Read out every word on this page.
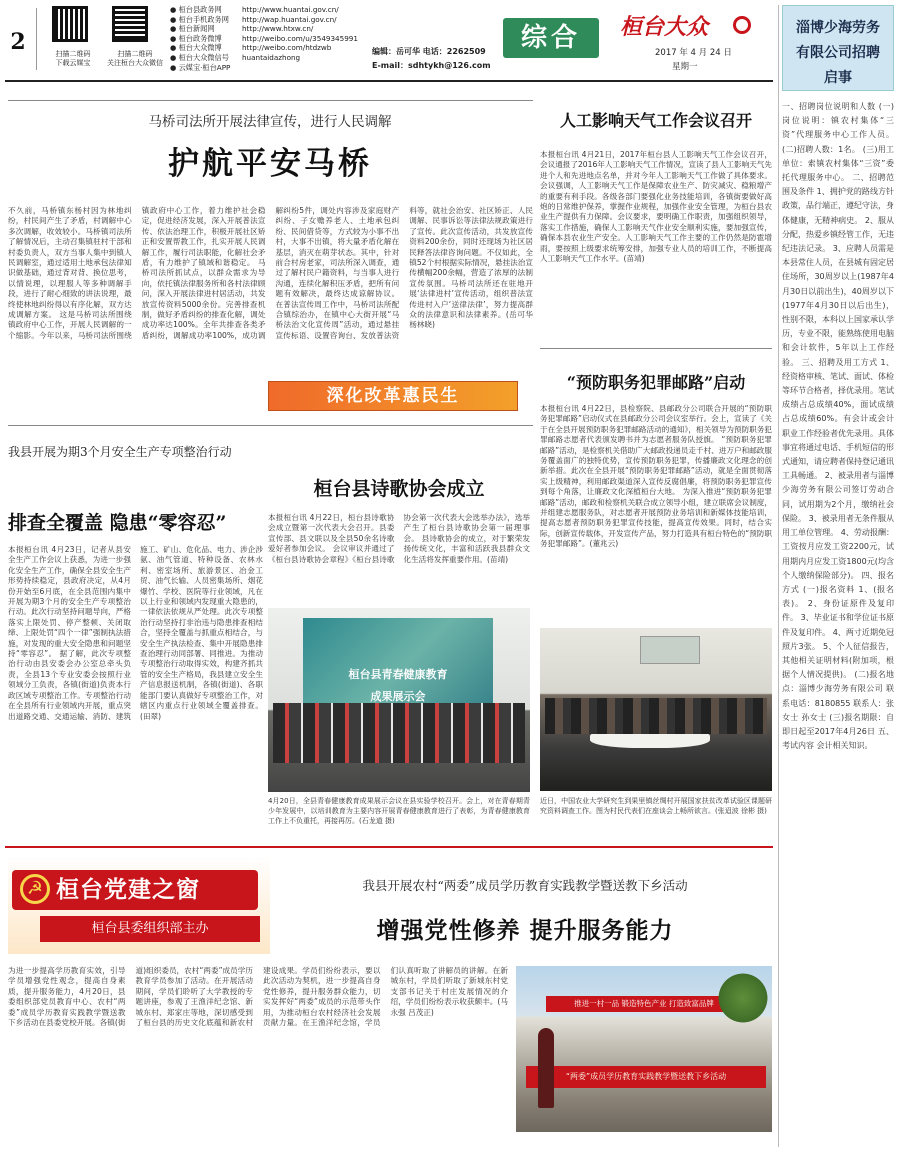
2	扫描二维码
下载云媒宝
扫描二维码
关注桓台大众微信
● 桓台县政务网	http://www.huantai.gov.cn/
● 桓台手机政务网 http://wap.huantai.gov.cn/
● 桓台新闻网	http://www.htxw.cn/
● 桓台政务微博	http://weibo.com/u/3549345991
● 桓台大众微博	http://weibo.com/htdzwb
● 桓台大众微信号 huantaidazhong
● 云媒宝·桓台APP
编辑：岳可华 电话：2262509
E-mail：sdhtykh@126.com
综合	桓台大众
2017 年 4 月 24 日
星期一
淄博少海劳务有限公司招聘启事
一、招聘岗位说明和人数 (一)岗位说明：镇农村集体“三资”代理服务中心工作人员。 (二)招聘人数：1名。 (三)用工单位：索镇农村集体“三资”委托代理服务中心。 二、招聘范围及条件 1、拥护党的路线方针政策，品行端正，遵纪守法，身体健康，无精神病史。 2、服从分配，热爱乡镇经管工作，无违纪违法记录。 3、应聘人员需是本县常住人员，在县城有固定居住场所，30周岁以上(1987年4月30日以前出生)，40周岁以下(1977年4月30日以后出生)，性别不限，本科以上国家承认学历，专业不限，能熟练使用电脑和会计软件，5年以上工作经验。 三、招聘及用工方式 1、经资格审核、笔试、面试、体检等环节合格者，择优录用。笔试成绩占总成绩40%，面试成绩占总成绩60%。有会计或会计职业工作经验者优先录用。具体事宜将通过电话、手机短信的形式通知，请应聘者保持登记通讯工具畅通。 2、被录用者与淄博少海劳务有限公司签订劳动合同，试用期为2个月，缴纳社会保险。 3、被录用者无条件服从用工单位管理。 4、劳动报酬：工资按月应发工资2200元，试用期内月应发工资1800元(均含个人缴纳保险部分)。 四、报名方式 (一)报名资料 1、(报名表)。 2、身份证原件及复印件。 3、毕业证书和学位证书原件及复印件。 4、两寸近期免冠照片3张。 5、个人征信报告，其他相关证明材料(附加项，根据个人情况提供)。 (二)报名地点：淄博少海劳务有限公司 联系电话：8180855 联系人：张女士 孙女士 (三)报名期限：自即日起至2017年4月26日 五、考试内容 会计相关知识。
马桥司法所开展法律宣传，进行人民调解
护航平安马桥
不久前，马桥镇东杨村因为林地纠纷，村民间产生了矛盾，村调解中心多次调解，收效较小。马桥镇司法所了解情况后，主动召集镇驻村干部和村委负责人，双方当事人集中到镇人民调解室，通过适用土地承包法律知识做基础，通过背对背、换位思考，以情说理，以理服人等多种调解手段，进行了耐心细致的讲法说理，最终使林地纠纷得以有序化解，双方达成调解方案。 这是马桥司法所围绕镇政府中心工作，开展人民调解的一个缩影。今年以来，马桥司法所围绕镇政府中心工作，着力维护社会稳定，促进经济发展，深入开展普法宣传、依法治理工作，积极开展社区矫正和安置帮教工作，扎实开展人民调解工作，履行司法职能，化解社会矛盾，有力维护了镇域和谐稳定。 马桥司法所抓试点，以群众需求为导向，依托镇法律服务所和各村法律顾问，深入开展法律进村居活动，共发放宣传资料5000余份。完善排查机制，做好矛盾纠纷的排查化解，调处成功率达100%。全年共排查各类矛盾纠纷，调解成功率100%，成功调解纠纷5件，调处内容涉及家庭财产纠纷、子女赡养老人、土地承包纠纷、民间借贷等，方式较为小事不出村，大事不出镇，将大量矛盾化解在基层，消灭在萌芽状态。其中，针对前合村房老家，司法所深入调查，通过了解村民户籍资料，与当事人进行沟通，连续化解积压矛盾，把所有问题有效解决，最终达成谅解协议。 在普法宣传周工作中，马桥司法所配合镇综治办，在镇中心大街开展“马桥法治文化宣传周”活动，通过悬挂宣传标语、设置咨询台、发放普法资料等，就社会治安、社区矫正、人民调解、民事诉讼等法律法规政策进行了宣传。此次宣传活动，共发放宣传资料200余份，同时还现场为社区居民释答法律咨询问题。不仅如此，全镇52个村根据实际情况，悬挂法治宣传横幅200余幅，营造了浓厚的法制宣传氛围。马桥司法所还在驻地开展‘法律进村’宣传活动，组织普法宣传进村入户‘送律法律’，努力提高群众的法律意识和法律素养。(岳可华 杨林晓)
深化改革惠民生
人工影响天气工作会议召开
本报桓台讯 4月21日，2017年桓台县人工影响天气工作会议召开，会议通报了2016年人工影响天气工作情况，宣读了县人工影响天气先进个人和先进地点名单，并对今年人工影响天气工作做了具体要求。 会议强调，人工影响天气工作是保障农业生产、防灾减灾、稳粮增产的重要有利手段。各级各部门要强化业务技能培训，各镇街要做好高炮的日常维护保养，掌握作业规程，加强作业安全管理，为桓台县农业生产提供有力保障。会议要求，要明确工作职责，加强组织领导，落实工作措施，确保人工影响天气作业安全顺利实施，要加强宣传，确保本县农业生产安全。人工影响天气工作主要的工作仍然是防雹增雨，要按照上级要求统筹安排，加强专业人员的培训工作，不断提高人工影响天气工作水平。(苗靖)
“预防职务犯罪邮路”启动
本报桓台讯 4月22日，县检察院、县邮政分公司联合开展的“预防职务犯罪邮路”启动仪式在县邮政分公司会议室举行。会上，宣读了《关于在全县开展预防职务犯罪邮路活动的通知》，相关领导为预防职务犯罪邮路志愿者代表颁发聘书并为志愿者服务队授旗。 “预防职务犯罪邮路”活动，是检察机关借助广大邮政投递员走千村、进万户和邮政服务覆盖面广的独特优势，宣传预防职务犯罪，传播廉政文化理念的创新举措。此次在全县开展“预防职务犯罪邮路”活动，就是全面贯彻落实上级精神，利用邮政渠道深入宣传反腐倡廉，将预防职务犯罪宣传到每个角落，让廉政文化深植桓台大地。 为深入推进“预防职务犯罪邮路”活动，邮政和检察机关联合成立领导小组，建立联席会议制度，并组建志愿服务队，对志愿者开展预防业务培训和新媒体技能培训，提高志愿者预防职务犯罪宣传技能，提高宣传效果。同时，结合实际，创新宣传载体，开发宣传产品，努力打造具有桓台特色的“预防职务犯罪邮路”。(董兆云)
近日，中国农业大学研究生到果里镇丝绸村开展国家扶贫改革试验区课题研究资料调查工作。图为村民代表们在座谈会上畅所欲言。(张迢波 徐彬 摄)
我县开展为期3个月安全生产专项整治行动
排查全覆盖 隐患“零容忍”
本报桓台讯 4月23日，记者从县安全生产工作会议上获悉，为进一步强化安全生产工作，确保全县安全生产形势持续稳定，县政府决定，从4月份开始至6月底，在全县范围内集中开展为期3个月的安全生产专项整治行动。此次行动坚持问题导向，严格落实上限处罚、停产整顿、关闭取缔、上限处罚“四个一律”强制执法措施，对发现的重大安全隐患和问题坚持“零容忍”。 据了解，此次专项整治行动由县安委会办公室总牵头负责，全县13个专业安委会按照行业领域分工负责，各镇(街道)负责本行政区域专项整治工作。专项整治行动在全县所有行业领域内开展，重点突出道路交通、交通运输、消防、建筑施工、矿山、危化品、电力、涉企涉氨、油气管道、特种设备、农林水利、密室场所、旅游景区、冶金工贸、油气长输、人员密集场所、烟花爆竹、学校、医院等行业领域，凡在以上行业和领域内发现重大隐患的，一律依法依规从严处理。此次专项整治行动坚持打非治违与隐患排查相结合，坚持全覆盖与抓重点相结合，与安全生产执法检查、集中开展隐患排查治理行动同部署、同推进。为推动专项整治行动取得实效，构建齐抓共管的安全生产格局，我县建立安全生产信息报送机制，各镇(街道)、各职能部门要认真做好专项整治工作，对辖区内重点行业领域全覆盖排查。(田翠)
桓台县诗歌协会成立
本报桓台讯 4月22日，桓台县诗歌协会成立暨第一次代表大会召开。县委宣传部、县文联以及全县50余名诗歌爱好者参加会议。 会议审议并通过了《桓台县诗歌协会章程》《桓台县诗歌协会第一次代表大会选举办法》，选举产生了桓台县诗歌协会第一届理事会。 县诗歌协会的成立，对于繁荣发扬传统文化，丰富和活跃我县群众文化生活将发挥重要作用。(苗靖)
桓台县青春健康教育
成果展示会
4月20日，全县青春健康教育成果展示会议在县实验学校召开。会上，对在青春期青少年发展中，以培训教育为主要内容开展青春健康教育进行了表彰，为青春健康教育工作上不负重托，再接再厉。(石龙道 摄)
☭ 桓台党建之窗
桓台县委组织部主办
我县开展农村“两委”成员学历教育实践教学暨送教下乡活动
增强党性修养 提升服务能力
为进一步提高学历教育实效，引导学员增强党性观念，提高自身素质，提升服务能力，4月20日，县委组织部党员教育中心、农村“两委”成员学历教育实践教学暨送教下乡活动在县委党校开展。各镇(街道)组织委员，农村“两委”成员学历教育学员参加了活动。在开展活动期间，学员们聆听了大学教授的专题讲座，参观了王渔洋纪念馆、新城东村、郑家庄等地，深切感受到了桓台县的历史文化底蕴和新农村建设成果。学员们纷纷表示，要以此次活动为契机，进一步提高自身党性修养，提升服务群众能力，切实发挥好“两委”成员的示范带头作用，为推动桓台农村经济社会发展贡献力量。在王渔洋纪念馆，学员们认真听取了讲解员的讲解。在新城东村，学员们听取了新城东村党支部书记关于村庄发展情况的介绍，学员们纷纷表示收获颇丰。(马永强 吕茂正)
推进一村一品 锻造特色产业 打造致富品牌
“两委”成员学历教育实践教学暨送教下乡活动
